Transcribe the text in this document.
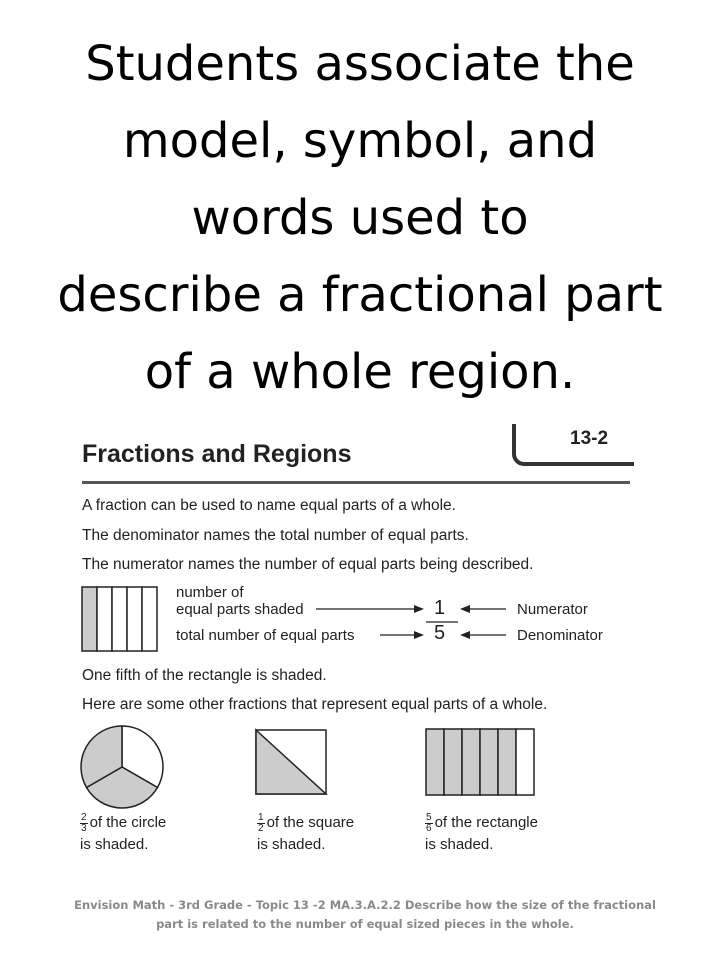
Students associate the
model, symbol, and
words used to
describe a fractional part
of a whole region.
Fractions and Regions
13-2
A fraction can be used to name equal parts of a whole.
The denominator names the total number of equal parts.
The numerator names the number of equal parts being described.
number of
equal parts shaded
total number of equal parts
1
5
Numerator
Denominator
One fifth of the rectangle is shaded.
Here are some other fractions that represent equal parts of a whole.
$\frac{2}{3}$ of the circle
is shaded.
$\frac{1}{2}$ of the square
is shaded.
$\frac{5}{6}$ of the rectangle
is shaded.
Envision Math - 3rd Grade - Topic 13 -2 MA.3.A.2.2 Describe how the size of the fractional
part is related to the number of equal sized pieces in the whole.
